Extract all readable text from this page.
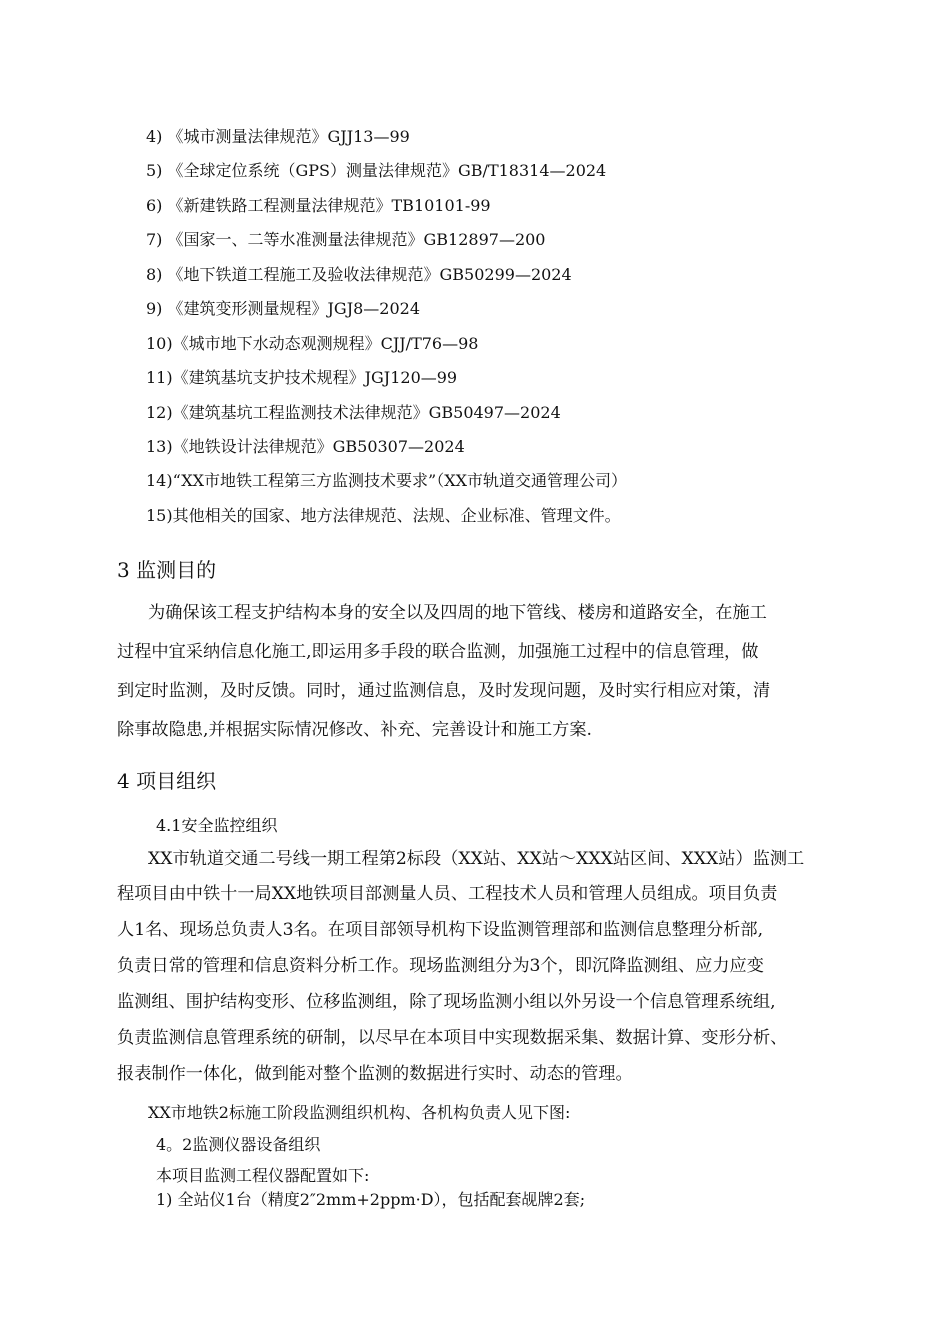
4) 《城市测量法律规范》GJJ13—99
5) 《全球定位系统（GPS）测量法律规范》GB/T18314—2024
6) 《新建铁路工程测量法律规范》TB10101-99
7) 《国家一、二等水准测量法律规范》GB12897—200
8) 《地下铁道工程施工及验收法律规范》GB50299—2024
9) 《建筑变形测量规程》JGJ8—2024
10)《城市地下水动态观测规程》CJJ/T76—98
11)《建筑基坑支护技术规程》JGJ120—99
12)《建筑基坑工程监测技术法律规范》GB50497—2024
13)《地铁设计法律规范》GB50307—2024
14)“XX市地铁工程第三方监测技术要求”（XX市轨道交通管理公司）
15)其他相关的国家、地方法律规范、法规、企业标准、管理文件。
3 监测目的
为确保该工程支护结构本身的安全以及四周的地下管线、楼房和道路安全，在施工
过程中宜采纳信息化施工,即运用多手段的联合监测，加强施工过程中的信息管理，做
到定时监测，及时反馈。同时，通过监测信息，及时发现问题，及时实行相应对策，清
除事故隐患,并根据实际情况修改、补充、完善设计和施工方案.
4 项目组织
4.1安全监控组织
XX市轨道交通二号线一期工程第2标段（XX站、XX站～XXX站区间、XXX站）监测工
程项目由中铁十一局XX地铁项目部测量人员、工程技术人员和管理人员组成。项目负责
人1名、现场总负责人3名。在项目部领导机构下设监测管理部和监测信息整理分析部,
负责日常的管理和信息资料分析工作。现场监测组分为3个，即沉降监测组、应力应变
监测组、围护结构变形、位移监测组，除了现场监测小组以外另设一个信息管理系统组,
负责监测信息管理系统的研制，以尽早在本项目中实现数据采集、数据计算、变形分析、
报表制作一体化，做到能对整个监测的数据进行实时、动态的管理。
XX市地铁2标施工阶段监测组织机构、各机构负责人见下图:
4。2监测仪器设备组织
本项目监测工程仪器配置如下:
1) 全站仪1台（精度2″2mm+2ppm·D），包括配套觇牌2套;
